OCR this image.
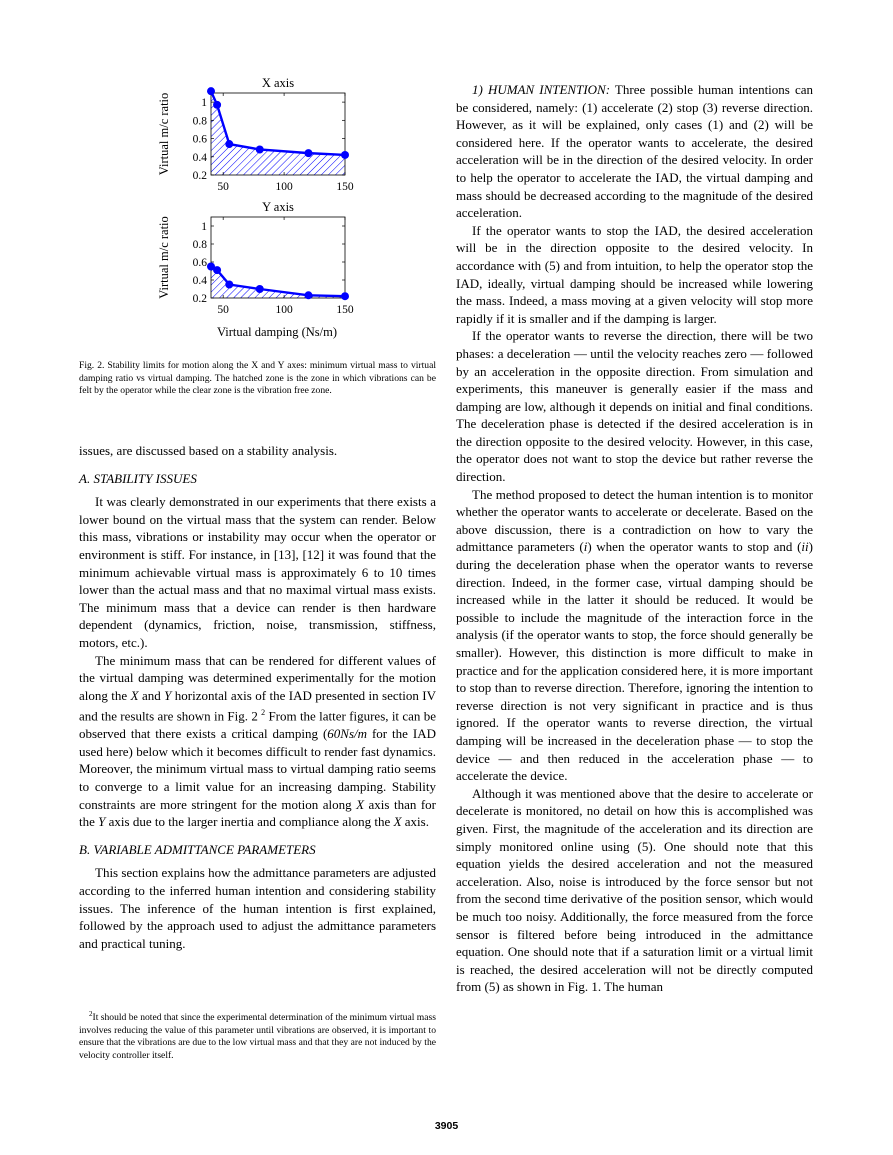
0.2
0.4
0.6
0.8
1
50	100	150
X axis
Virtual m/c ratio
0.2
0.4
0.6
0.8
1
50	100	150
Y axis
Virtual m/c ratio
Virtual damping (Ns/m)
Fig. 2. Stability limits for motion along the X and Y axes: minimum virtual mass to virtual damping ratio vs virtual damping. The hatched zone is the zone in which vibrations can be felt by the operator while the clear zone is the vibration free zone.

issues, are discussed based on a stability analysis.

A. STABILITY ISSUES

It was clearly demonstrated in our experiments that there exists a lower bound on the virtual mass that the system can render. Below this mass, vibrations or instability may occur when the operator or environment is stiff. For instance, in [13], [12] it was found that the minimum achievable virtual mass is approximately 6 to 10 times lower than the actual mass and that no maximal virtual mass exists. The minimum mass that a device can render is then hardware dependent (dynamics, friction, noise, transmission, stiffness, motors, etc.).

The minimum mass that can be rendered for different values of the virtual damping was determined experimentally for the motion along the X and Y horizontal axis of the IAD presented in section IV and the results are shown in Fig. 2 $^2$ From the latter figures, it can be observed that there exists a critical damping (60Ns/m for the IAD used here) below which it becomes difficult to render fast dynamics. Moreover, the minimum virtual mass to virtual damping ratio seems to converge to a limit value for an increasing damping. Stability constraints are more stringent for the motion along X axis than for the Y axis due to the larger inertia and compliance along the X axis.

B. VARIABLE ADMITTANCE PARAMETERS

This section explains how the admittance parameters are adjusted according to the inferred human intention and considering stability issues. The inference of the human intention is first explained, followed by the approach used to adjust the admittance parameters and practical tuning.

$^2$It should be noted that since the experimental determination of the minimum virtual mass involves reducing the value of this parameter until vibrations are observed, it is important to ensure that the vibrations are due to the low virtual mass and that they are not induced by the velocity controller itself.

1) HUMAN INTENTION: Three possible human intentions can be considered, namely: (1) accelerate (2) stop (3) reverse direction. However, as it will be explained, only cases (1) and (2) will be considered here. If the operator wants to accelerate, the desired acceleration will be in the direction of the desired velocity. In order to help the operator to accelerate the IAD, the virtual damping and mass should be decreased according to the magnitude of the desired acceleration.

If the operator wants to stop the IAD, the desired acceleration will be in the direction opposite to the desired velocity. In accordance with (5) and from intuition, to help the operator stop the IAD, ideally, virtual damping should be increased while lowering the mass. Indeed, a mass moving at a given velocity will stop more rapidly if it is smaller and if the damping is larger.

If the operator wants to reverse the direction, there will be two phases: a deceleration — until the velocity reaches zero — followed by an acceleration in the opposite direction. From simulation and experiments, this maneuver is generally easier if the mass and damping are low, although it depends on initial and final conditions. The deceleration phase is detected if the desired acceleration is in the direction opposite to the desired velocity. However, in this case, the operator does not want to stop the device but rather reverse the direction.

The method proposed to detect the human intention is to monitor whether the operator wants to accelerate or decelerate. Based on the above discussion, there is a contradiction on how to vary the admittance parameters (i) when the operator wants to stop and (ii) during the deceleration phase when the operator wants to reverse direction. Indeed, in the former case, virtual damping should be increased while in the latter it should be reduced. It would be possible to include the magnitude of the interaction force in the analysis (if the operator wants to stop, the force should generally be smaller). However, this distinction is more difficult to make in practice and for the application considered here, it is more important to stop than to reverse direction. Therefore, ignoring the intention to reverse direction is not very significant in practice and is thus ignored. If the operator wants to reverse direction, the virtual damping will be increased in the deceleration phase — to stop the device — and then reduced in the acceleration phase — to accelerate the device.

Although it was mentioned above that the desire to accelerate or decelerate is monitored, no detail on how this is accomplished was given. First, the magnitude of the acceleration and its direction are simply monitored online using (5). One should note that this equation yields the desired acceleration and not the measured acceleration. Also, noise is introduced by the force sensor but not from the second time derivative of the position sensor, which would be much too noisy. Additionally, the force measured from the force sensor is filtered before being introduced in the admittance equation. One should note that if a saturation limit or a virtual limit is reached, the desired acceleration will not be directly computed from (5) as shown in Fig. 1. The human

3905
